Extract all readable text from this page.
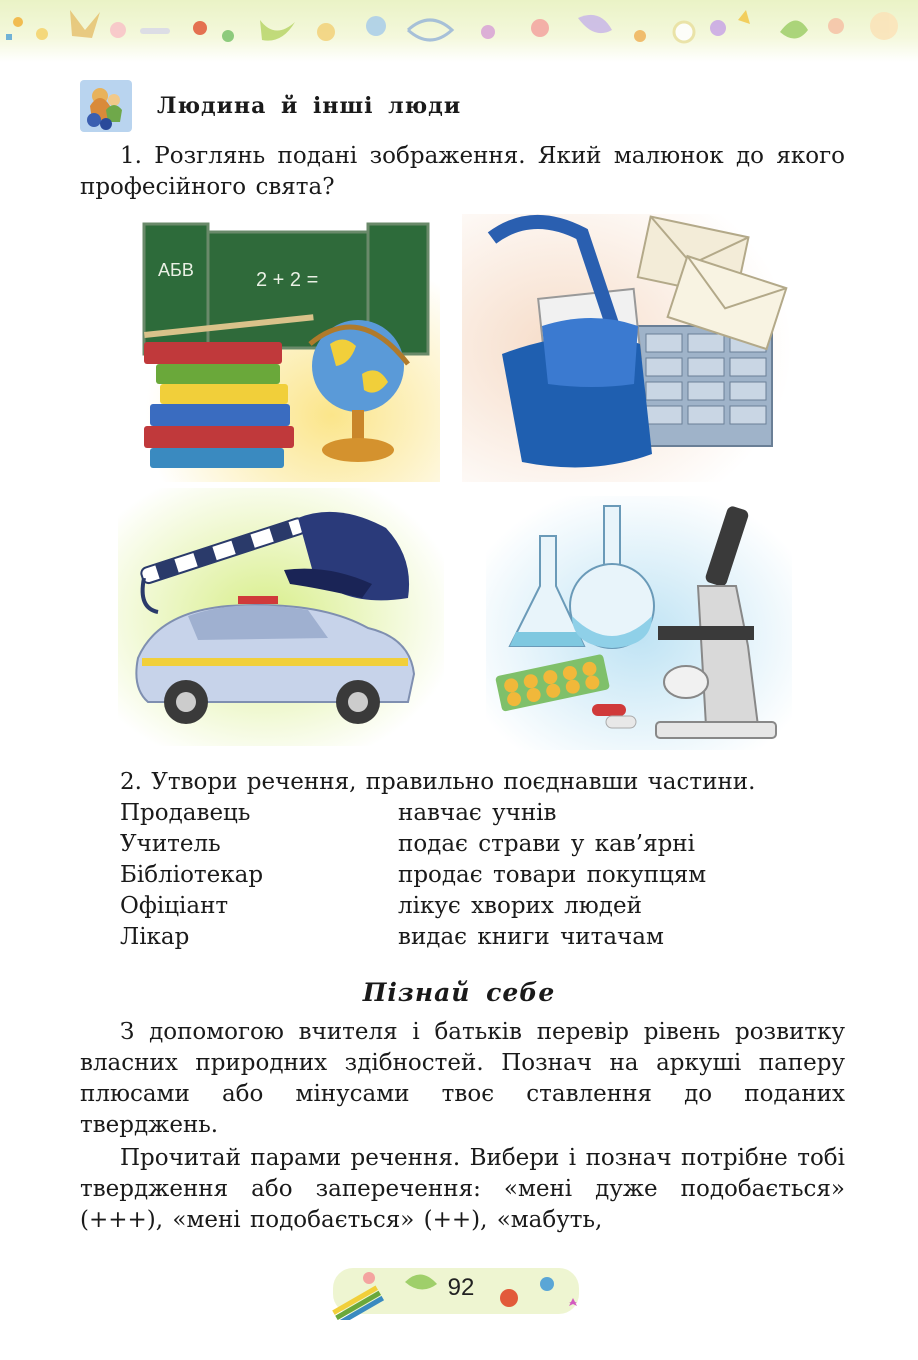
Людина й інші люди
1. Розглянь подані зображення. Який малюнок до якого професійного свята?
АБВ	2 + 2 =
2. Утвори речення, правильно поєднавши частини.
Продавець	навчає учнів
Учитель	подає страви у кав’ярні
Бібліотекар	продає товари покупцям
Офіціант	лікує хворих людей
Лікар	видає книги читачам
Пізнай себе
З допомогою вчителя і батьків перевір рівень розвитку власних природних здібностей. Познач на аркуші паперу плюсами або мінусами твоє ставлення до поданих тверджень.
Прочитай парами речення. Вибери і познач потрібне тобі твердження або заперечення: «мені дуже подобається» (+++), «мені подобається» (++), «мабуть,
92
